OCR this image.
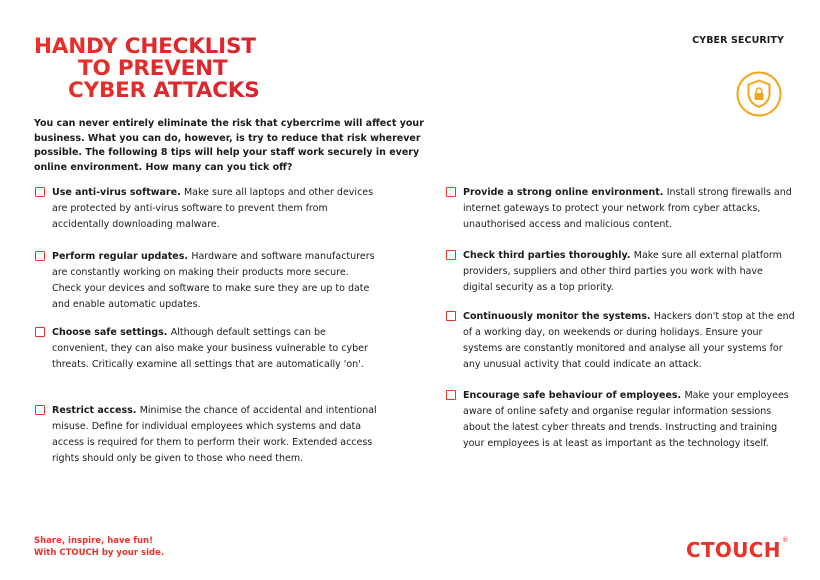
HANDY CHECKLIST
TO PREVENT
CYBER ATTACKS
CYBER SECURITY

You can never entirely eliminate the risk that cybercrime will affect your business. What you can do, however, is try to reduce that risk wherever possible. The following 8 tips will help your staff work securely in every online environment. How many can you tick off?

Use anti-virus software. Make sure all laptops and other devices are protected by anti-virus software to prevent them from accidentally downloading malware.
Perform regular updates. Hardware and software manufacturers are constantly working on making their products more secure. Check your devices and software to make sure they are up to date and enable automatic updates.
Choose safe settings. Although default settings can be convenient, they can also make your business vulnerable to cyber threats. Critically examine all settings that are automatically 'on'.
Restrict access. Minimise the chance of accidental and intentional misuse. Define for individual employees which systems and data access is required for them to perform their work. Extended access rights should only be given to those who need them.
Provide a strong online environment. Install strong firewalls and internet gateways to protect your network from cyber attacks, unauthorised access and malicious content.
Check third parties thoroughly. Make sure all external platform providers, suppliers and other third parties you work with have digital security as a top priority.
Continuously monitor the systems. Hackers don't stop at the end of a working day, on weekends or during holidays. Ensure your systems are constantly monitored and analyse all your systems for any unusual activity that could indicate an attack.
Encourage safe behaviour of employees. Make your employees aware of online safety and organise regular information sessions about the latest cyber threats and trends. Instructing and training your employees is at least as important as the technology itself.
Share, inspire, have fun!
With CTOUCH by your side.	CTOUCH®
